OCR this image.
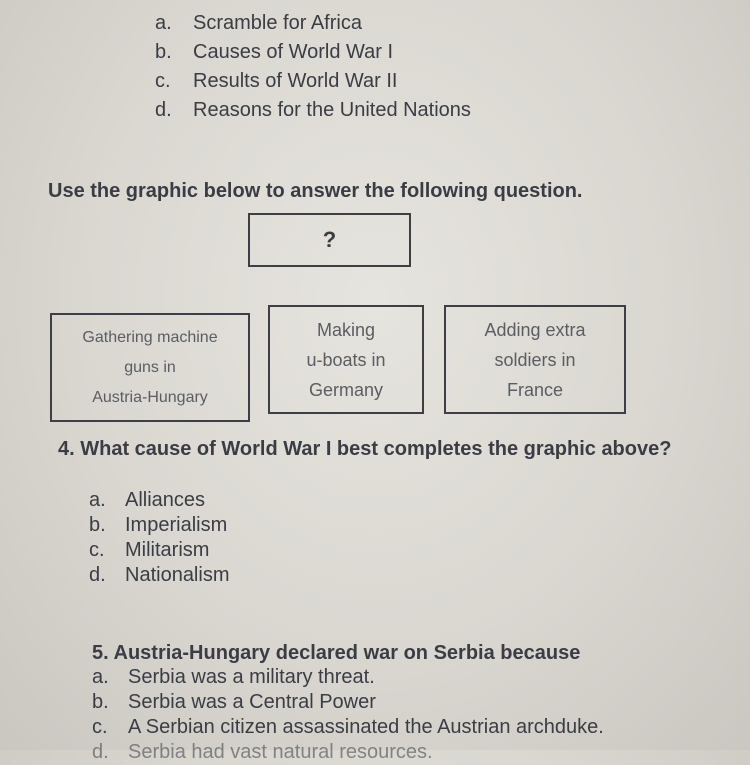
a.	Scramble for Africa
b.	Causes of World War I
c.	Results of World War II
d.	Reasons for the United Nations
Use the graphic below to answer the following question.
?
Gathering machine
guns in
Austria-Hungary
Making
u-boats in
Germany
Adding extra
soldiers in
France
4. What cause of World War I best completes the graphic above?
a. Alliances
b. Imperialism
c.	Militarism
d. Nationalism
5. Austria-Hungary declared war on Serbia because
a. Serbia was a military threat.
b. Serbia was a Central Power
c.	A Serbian citizen assassinated the Austrian archduke.
d. Serbia had vast natural resources.
